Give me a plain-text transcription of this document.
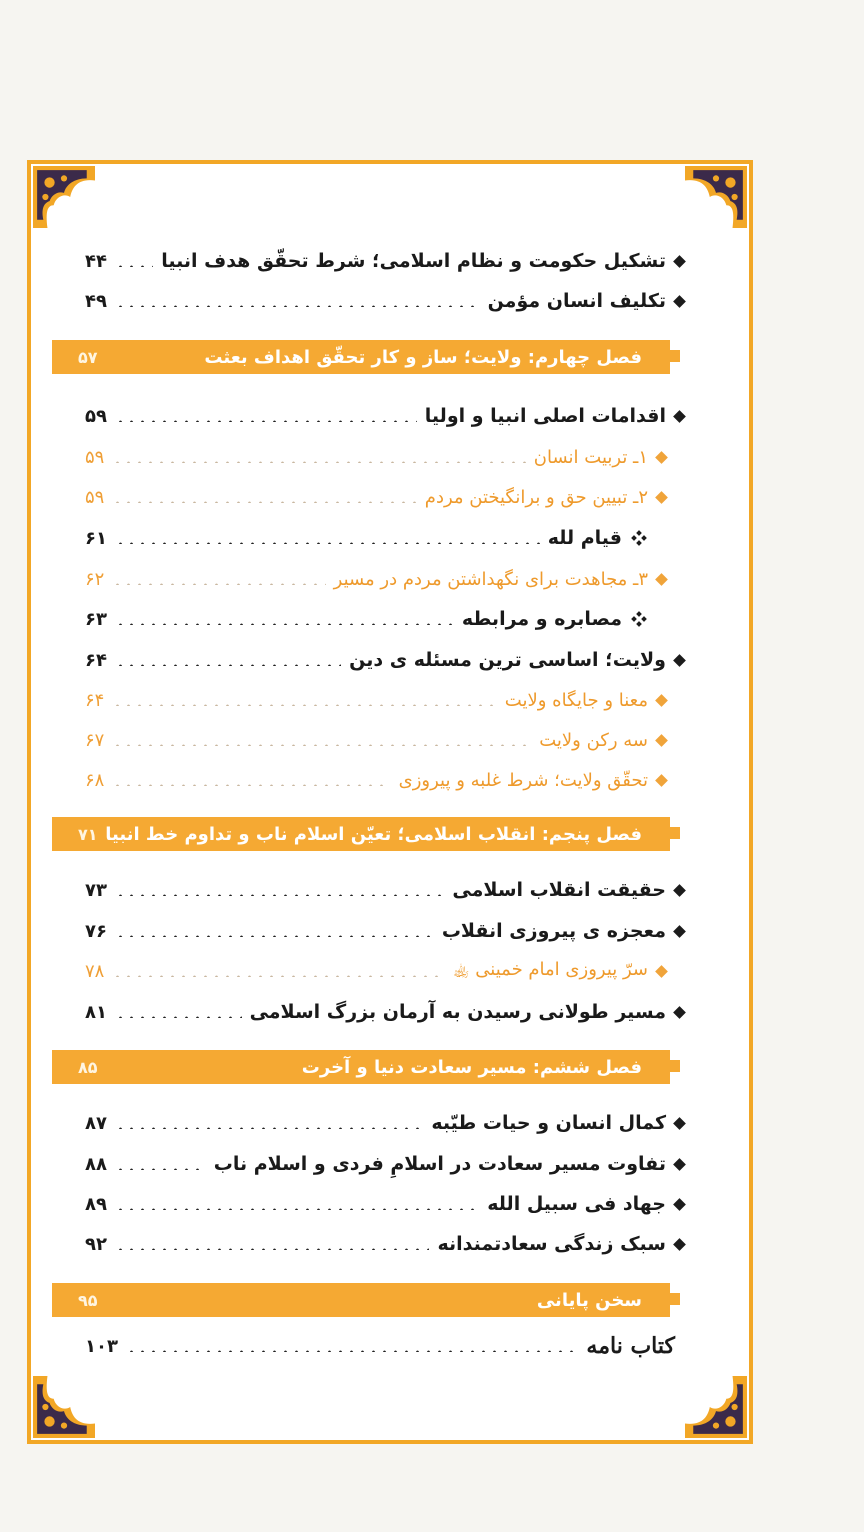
تشکیل حکومت و نظام اسلامی؛ شرط تحقّق هدف انبیا
۴۴
تکلیف انسان مؤمن
۴۹
فصل چهارم: ولایت؛ ساز و کار تحقّق اهداف بعثت
۵۷
اقدامات اصلی انبیا و اولیا
۵۹
۱ـ تربیت انسان
۵۹
۲ـ تبیین حق و برانگیختن مردم
۵۹
قیام لله
۶۱
۳ـ مجاهدت برای نگهداشتن مردم در مسیر
۶۲
مصابره و مرابطه
۶۳
ولایت؛ اساسی ترین مسئله ی دین
۶۴
معنا و جایگاه ولایت
۶۴
سه رکن ولایت
۶۷
تحقّق ولایت؛ شرط غلبه و پیروزی
۶۸
فصل پنجم: انقلاب اسلامی؛ تعیّن اسلام ناب و تداوم خط انبیا
۷۱
حقیقت انقلاب اسلامی
۷۳
معجزه ی پیروزی انقلاب
۷۶
سرّ پیروزی امام خمینی ﵀
۷۸
مسیر طولانی رسیدن به آرمان بزرگ اسلامی
۸۱
فصل ششم: مسیر سعادت دنیا و آخرت
۸۵
کمال انسان و حیات طیّبه
۸۷
تفاوت مسیر سعادت در اسلامِ فردی و اسلام ناب
۸۸
جهاد فی سبیل الله
۸۹
سبک زندگی سعادتمندانه
۹۲
سخن پایانی
۹۵
کتاب نامه
۱۰۳
